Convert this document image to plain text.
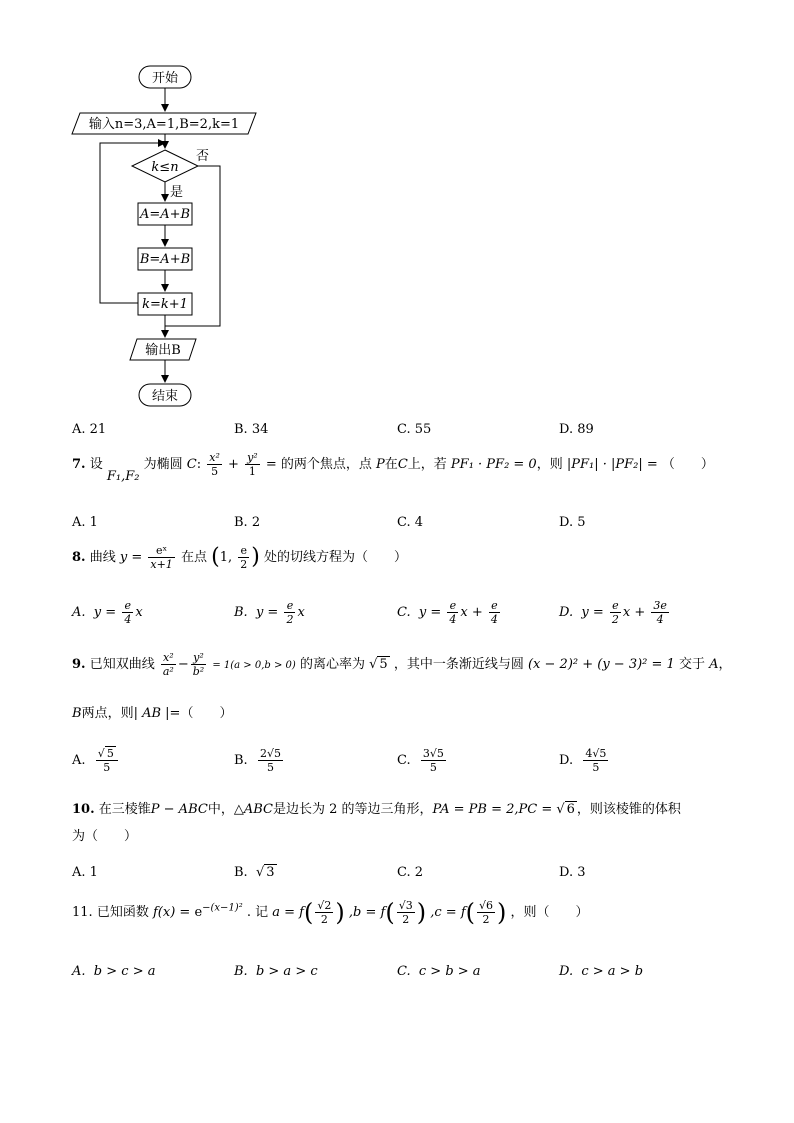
开始
输入n=3,A=1,B=2,k=1
k≤n
否
是
A=A+B
B=A+B
k=k+1
输出B
结束
A. 21	B. 34	C. 55	D. 89
7. 设 F₁,F₂ 为椭圆 C: $\frac{\text{x²}}{5} + \frac{\text{y²}}{1}$ = 的两个焦点，点 P在C上，若 PF₁ · PF₂ = 0，则 |PF₁| · |PF₂| = （　　）
A. 1	B. 2	C. 4	D. 5
8. 曲线 $y = \frac{\text{eˣ}}{x+1}$ 在点 (1, $\frac{e}{2}$ ) 处的切线方程为（　　）
A. $y = \frac{e}{4}$ x	B. $y = \frac{e}{2}$ x	C. $y = \frac{e}{4}$ $x + \frac{e}{4}$	D. $y = \frac{e}{2}$ $x + \frac{3e}{4}$
9. 已知双曲线 $\frac{\text{x²}}{\text{a²}} - \frac{\text{y²}}{\text{b²}} = 1(a > 0,b > 0)$ 的离心率为 √ 5 ，其中一条渐近线与圆 (x − 2)² + (y − 3)² = 1 交于 A，
B两点，则| AB |=（　　）
A. $\frac{√ 5}{5}$	B. $\frac{2√5}{5}$	C. $\frac{3√5}{5}$	D. $\frac{4√5}{5}$
10. 在三棱锥P − ABC中，△ABC是边长为 2 的等边三角形，PA = PB = 2,PC = √ 6 ，则该棱锥的体积
为（　　）
A. 1	B.  √ 3	C. 2	D. 3
11. 已知函数 $f(x) = e^{-(x-1)^2}$ . 记 $a = f( \frac{√2}{2}$ ) $,b = f( \frac{√3}{2}$ ) $,c = f( \frac{√6}{2}$ ) ，则（　　）
A. b > c > a	B. b > a > c	C. c > b > a	D. c > a > b
